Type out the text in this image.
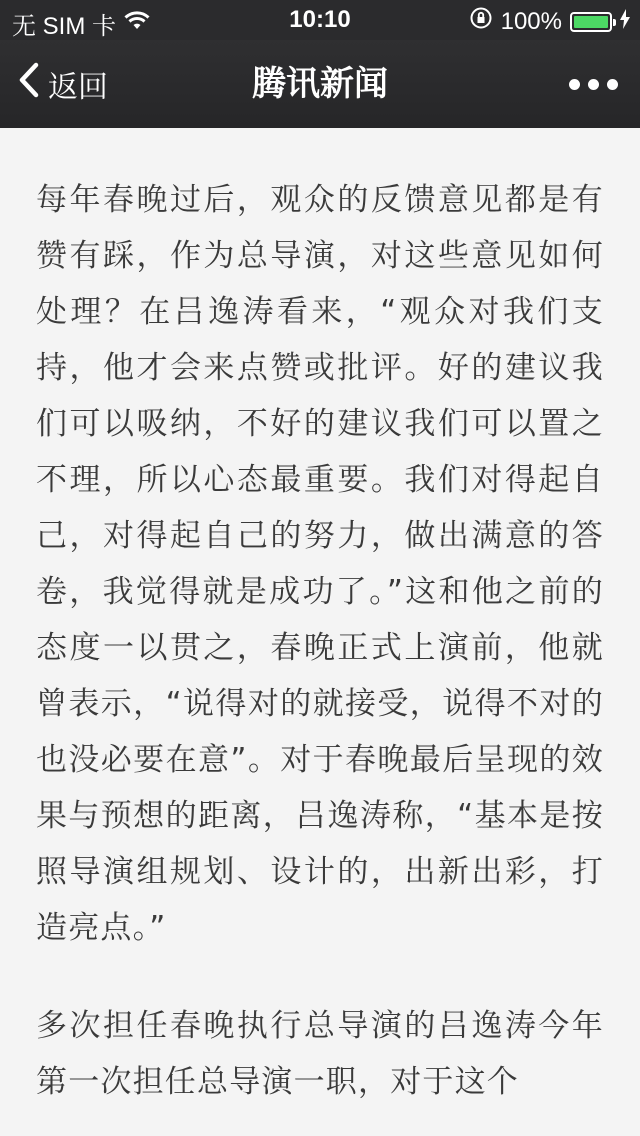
无 SIM 卡	10:10	100%
返回	腾讯新闻

每年春晚过后，观众的反馈意见都是有赞有踩，作为总导演，对这些意见如何处理？在吕逸涛看来，“观众对我们支持，他才会来点赞或批评。好的建议我们可以吸纳，不好的建议我们可以置之不理，所以心态最重要。我们对得起自己，对得起自己的努力，做出满意的答卷，我觉得就是成功了。”这和他之前的态度一以贯之，春晚正式上演前，他就曾表示，“说得对的就接受，说得不对的也没必要在意”。对于春晚最后呈现的效果与预想的距离，吕逸涛称，“基本是按照导演组规划、设计的，出新出彩，打造亮点。”

多次担任春晚执行总导演的吕逸涛今年第一次担任总导演一职，对于这个
